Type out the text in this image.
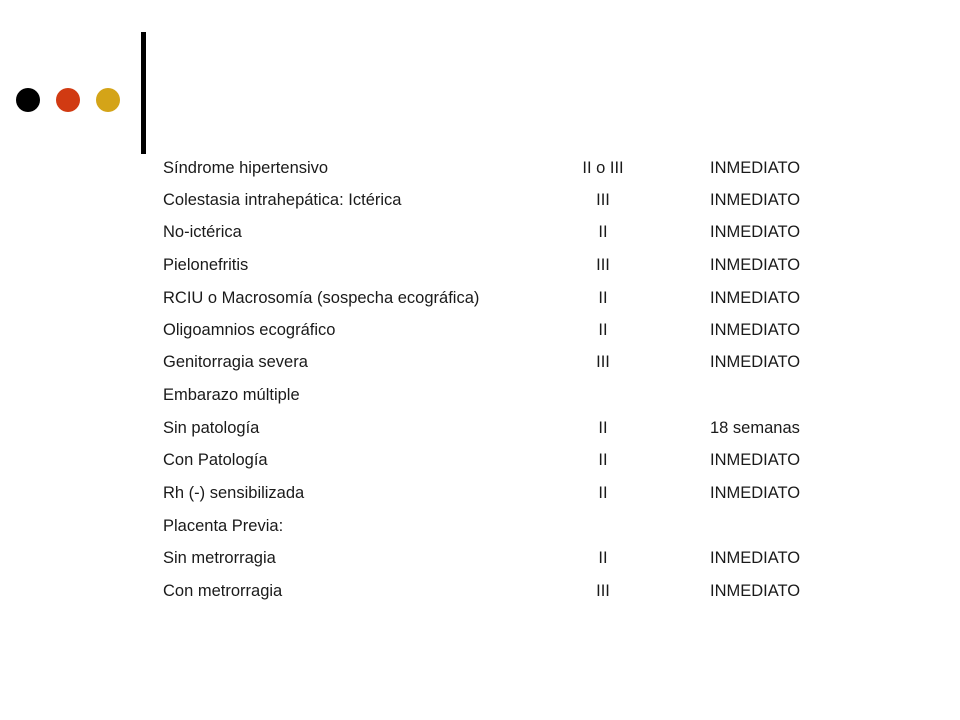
Síndrome hipertensivo	II o III	INMEDIATO
Colestasia intrahepática: Ictérica	III	INMEDIATO
No-ictérica	II	INMEDIATO
Pielonefritis	III	INMEDIATO
RCIU o Macrosomía (sospecha ecográfica)	II	INMEDIATO
Oligoamnios ecográfico	II	INMEDIATO
Genitorragia severa	III	INMEDIATO
Embarazo múltiple
Sin patología	II	18 semanas
Con Patología	II	INMEDIATO
Rh (-) sensibilizada	II	INMEDIATO
Placenta Previa:
Sin metrorragia	II	INMEDIATO
Con metrorragia	III	INMEDIATO
